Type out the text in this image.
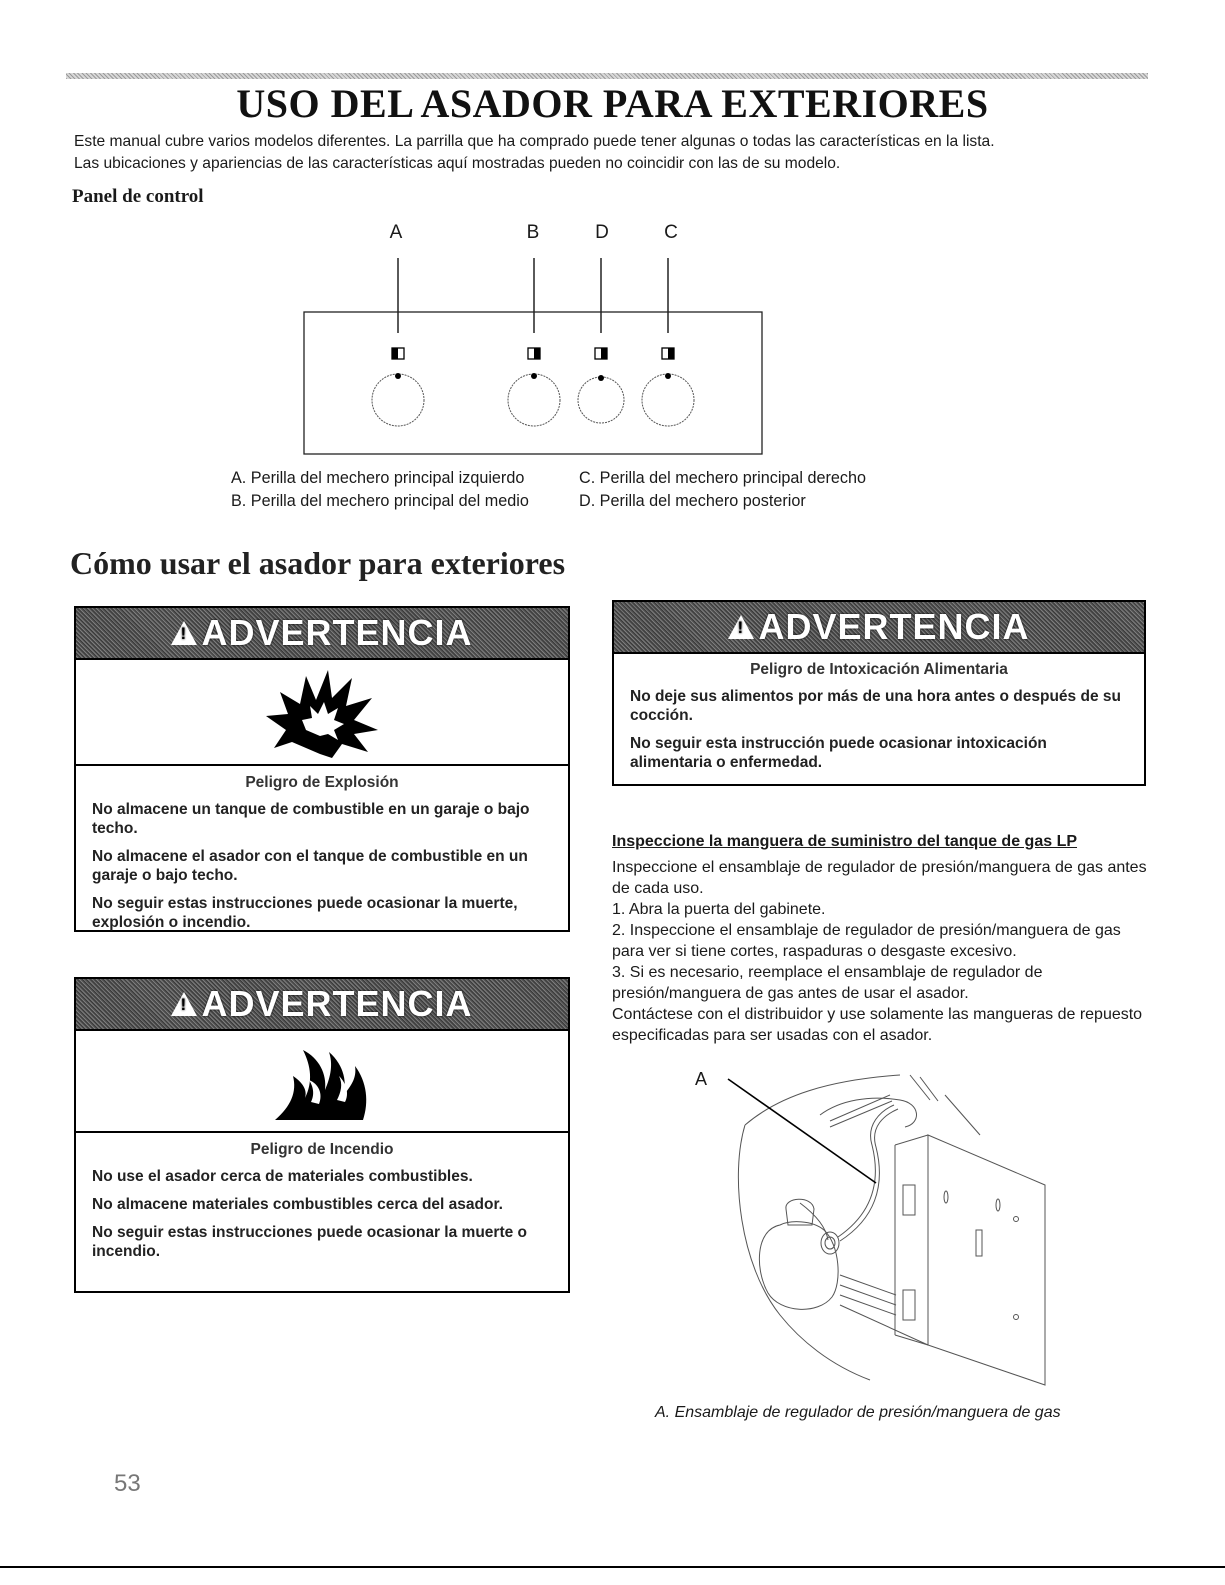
USO DEL ASADOR PARA EXTERIORES
Este manual cubre varios modelos diferentes. La parrilla que ha comprado puede tener algunas o todas las características en la lista.
Las ubicaciones y apariencias de las características aquí mostradas pueden no coincidir con las de su modelo.
Panel de control
A	B	D	C
A. Perilla del mechero principal izquierdo
B. Perilla del mechero principal del medio
C. Perilla del mechero principal derecho
D. Perilla del mechero posterior
Cómo usar el asador para exteriores
!
ADVERTENCIA
Peligro de Explosión

No almacene un tanque de combustible en un garaje o bajo techo.

No almacene el asador con el tanque de combustible en un garaje o bajo techo.

No seguir estas instrucciones puede ocasionar la muerte, explosión o incendio.

!
ADVERTENCIA
Peligro de Incendio

No use el asador cerca de materiales combustibles.

No almacene materiales combustibles cerca del asador.

No seguir estas instrucciones puede ocasionar la muerte o incendio.

!
ADVERTENCIA
Peligro de Intoxicación Alimentaria

No deje sus alimentos por más de una hora antes o después de su cocción.

No seguir esta instrucción puede ocasionar intoxicación alimentaria o enfermedad.

Inspeccione la manguera de suministro del tanque de gas LP
Inspeccione el ensamblaje de regulador de presión/manguera de gas antes de cada uso.
1. Abra la puerta del gabinete.
2. Inspeccione el ensamblaje de regulador de presión/manguera de gas para ver si tiene cortes, raspaduras o desgaste excesivo.
3. Si es necesario, reemplace el ensamblaje de regulador de presión/manguera de gas antes de usar el asador.
Contáctese con el distribuidor y use solamente las mangueras de repuesto especificadas para ser usadas con el asador.
A
A. Ensamblaje de regulador de presión/manguera de gas
53
